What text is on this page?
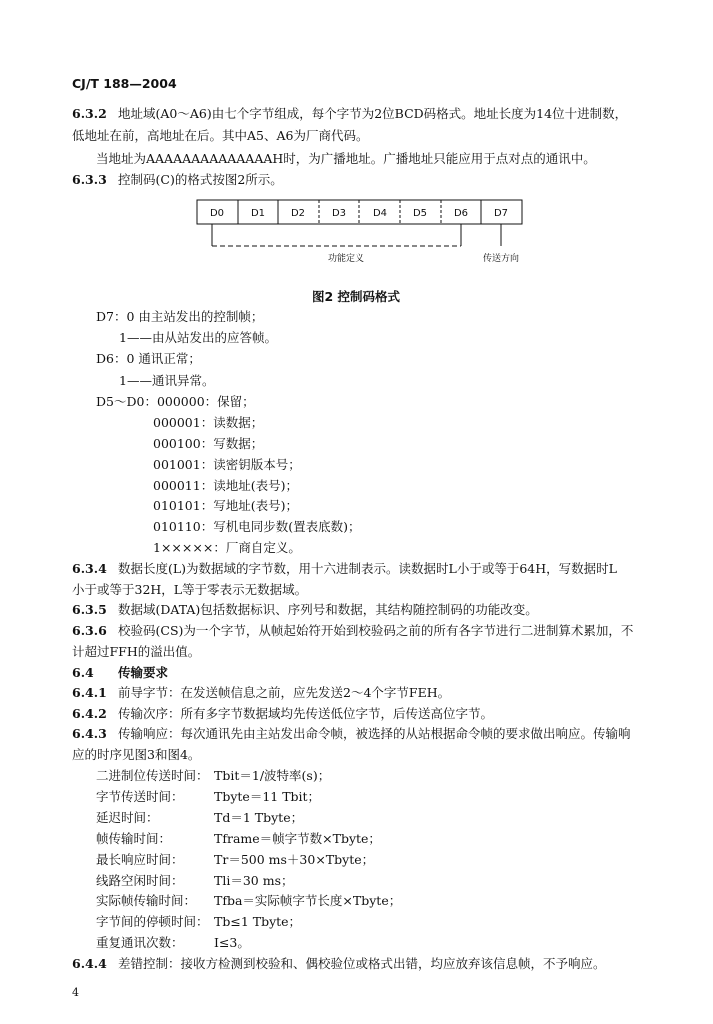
CJ/T 188—2004
6.3.2 地址域(A0～A6)由七个字节组成，每个字节为2位BCD码格式。地址长度为14位十进制数，
低地址在前，高地址在后。其中A5、A6为厂商代码。
当地址为AAAAAAAAAAAAAAH时，为广播地址。广播地址只能应用于点对点的通讯中。
6.3.3 控制码(C)的格式按图2所示。
D0	D1	D2	D3	D4	D5	D6	D7
功能定义	传送方向
图2 控制码格式
D7：0 由主站发出的控制帧；
1——由从站发出的应答帧。
D6：0 通讯正常；
1——通讯异常。
D5～D0：000000：保留；
000001：读数据；
000100：写数据；
001001：读密钥版本号；
000011：读地址(表号)；
010101：写地址(表号)；
010110：写机电同步数(置表底数)；
1×××××：厂商自定义。
6.3.4 数据长度(L)为数据域的字节数，用十六进制表示。读数据时L小于或等于64H，写数据时L
小于或等于32H，L等于零表示无数据域。
6.3.5 数据域(DATA)包括数据标识、序列号和数据，其结构随控制码的功能改变。
6.3.6 校验码(CS)为一个字节，从帧起始符开始到校验码之前的所有各字节进行二进制算术累加，不
计超过FFH的溢出值。
6.4 传输要求
6.4.1 前导字节：在发送帧信息之前，应先发送2～4个字节FEH。
6.4.2 传输次序：所有多字节数据域均先传送低位字节，后传送高位字节。
6.4.3 传输响应：每次通讯先由主站发出命令帧，被选择的从站根据命令帧的要求做出响应。传输响
应的时序见图3和图4。
二进制位传送时间： Tbit＝1/波特率(s)；
字节传送时间： Tbyte＝11 Tbit；
延迟时间：	Td＝1 Tbyte；
帧传输时间：	Tframe＝帧字节数×Tbyte；
最长响应时间： Tr＝500 ms＋30×Tbyte；
线路空闲时间： Tli＝30 ms；
实际帧传输时间： Tfba＝实际帧字节长度×Tbyte；
字节间的停顿时间： Tb≤1 Tbyte；
重复通讯次数： I≤3。
6.4.4 差错控制：接收方检测到校验和、偶校验位或格式出错，均应放弃该信息帧，不予响应。
4
